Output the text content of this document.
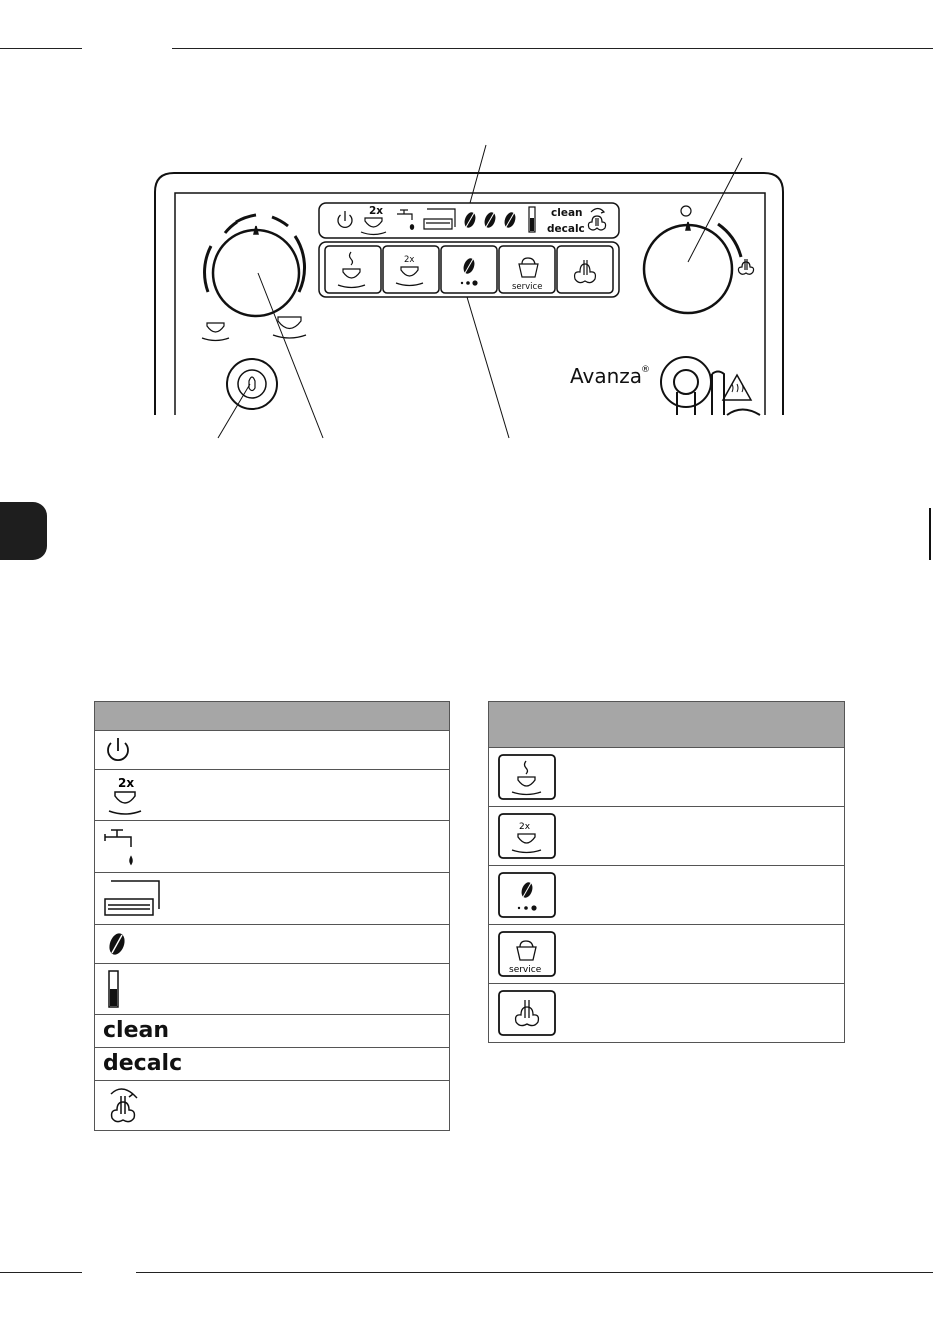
2x	clean
decalc
2x
service
Avanza
®

2x

clean
decalc

2x

service
